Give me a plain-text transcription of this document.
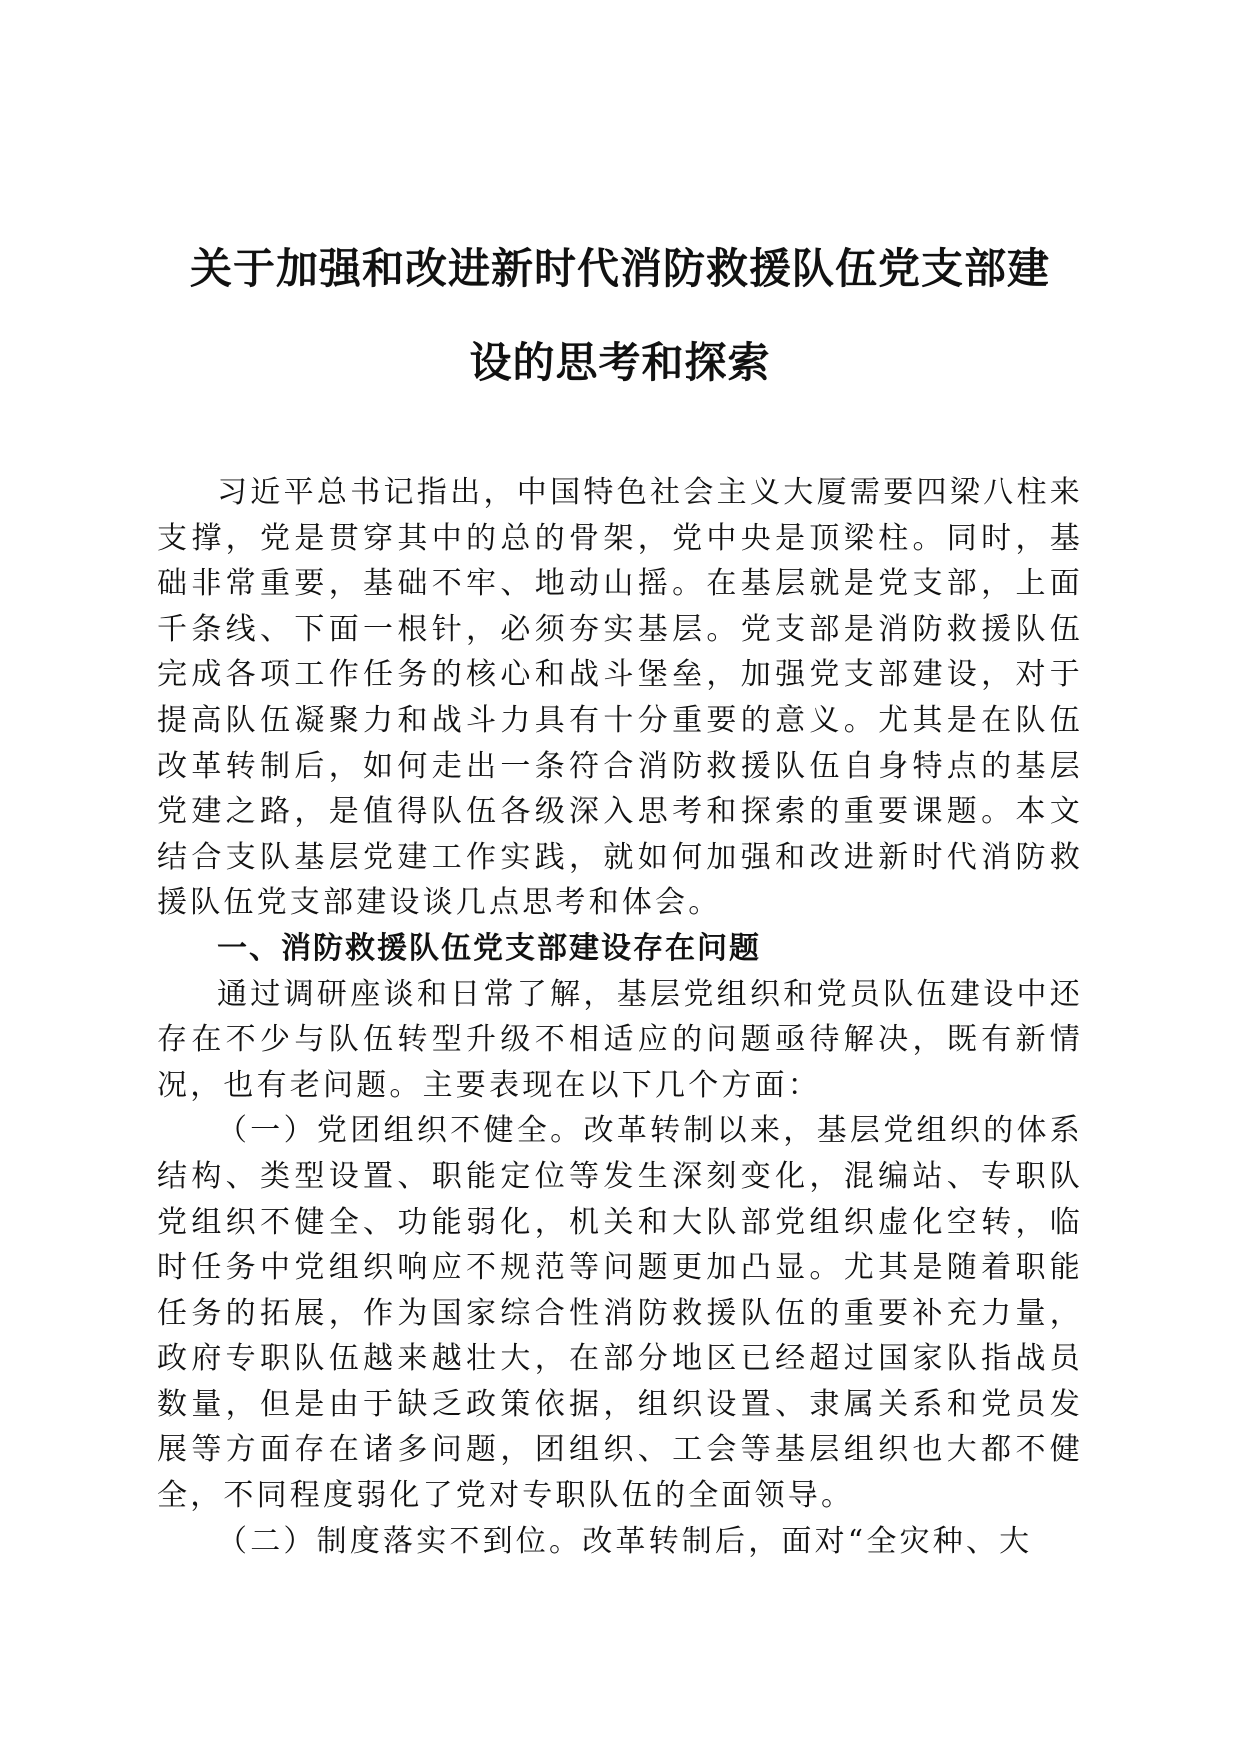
关于加强和改进新时代消防救援队伍党支部建
设的思考和探索

习近平总书记指出，中国特色社会主义大厦需要四梁八柱来支撑，党是贯穿其中的总的骨架，党中央是顶梁柱。同时，基础非常重要，基础不牢、地动山摇。在基层就是党支部，上面千条线、下面一根针，必须夯实基层。党支部是消防救援队伍完成各项工作任务的核心和战斗堡垒，加强党支部建设，对于提高队伍凝聚力和战斗力具有十分重要的意义。尤其是在队伍改革转制后，如何走出一条符合消防救援队伍自身特点的基层党建之路，是值得队伍各级深入思考和探索的重要课题。本文结合支队基层党建工作实践，就如何加强和改进新时代消防救援队伍党支部建设谈几点思考和体会。

一、消防救援队伍党支部建设存在问题

通过调研座谈和日常了解，基层党组织和党员队伍建设中还存在不少与队伍转型升级不相适应的问题亟待解决，既有新情况，也有老问题。主要表现在以下几个方面：

（一）党团组织不健全。改革转制以来，基层党组织的体系结构、类型设置、职能定位等发生深刻变化，混编站、专职队党组织不健全、功能弱化，机关和大队部党组织虚化空转，临时任务中党组织响应不规范等问题更加凸显。尤其是随着职能任务的拓展，作为国家综合性消防救援队伍的重要补充力量，政府专职队伍越来越壮大，在部分地区已经超过国家队指战员数量，但是由于缺乏政策依据，组织设置、隶属关系和党员发展等方面存在诸多问题，团组织、工会等基层组织也大都不健全，不同程度弱化了党对专职队伍的全面领导。

（二）制度落实不到位。改革转制后，面对“全灾种、大
